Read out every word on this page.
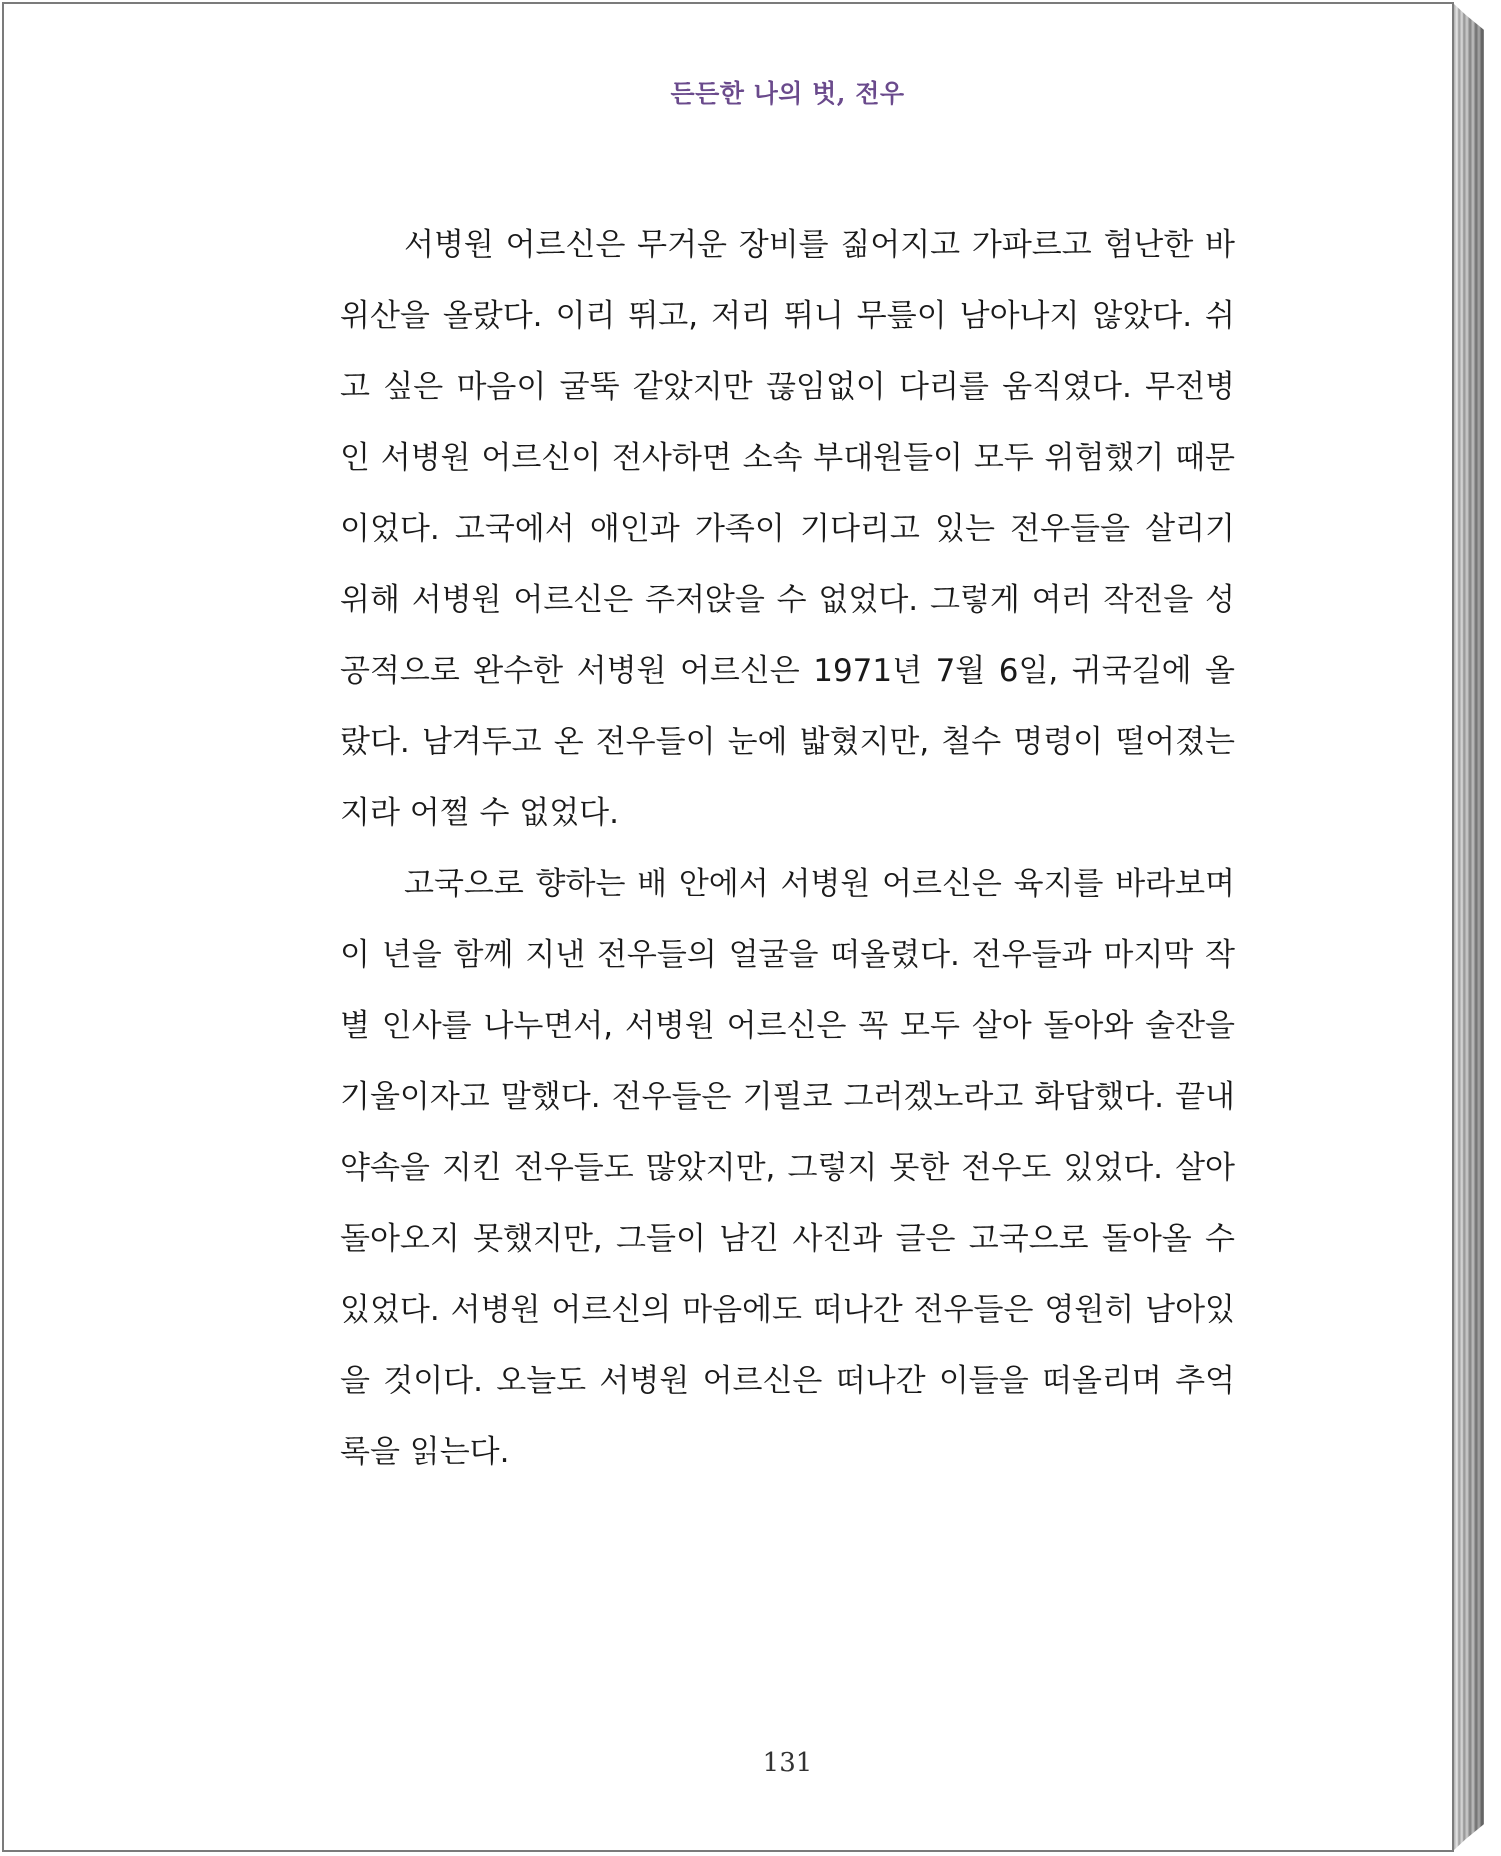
든든한 나의 벗, 전우

서병원 어르신은 무거운 장비를 짊어지고 가파르고 험난한 바위산을 올랐다. 이리 뛰고, 저리 뛰니 무릎이 남아나지 않았다. 쉬고 싶은 마음이 굴뚝 같았지만 끊임없이 다리를 움직였다. 무전병인 서병원 어르신이 전사하면 소속 부대원들이 모두 위험했기 때문이었다. 고국에서 애인과 가족이 기다리고 있는 전우들을 살리기 위해 서병원 어르신은 주저앉을 수 없었다. 그렇게 여러 작전을 성공적으로 완수한 서병원 어르신은 1971년 7월 6일, 귀국길에 올랐다. 남겨두고 온 전우들이 눈에 밟혔지만, 철수 명령이 떨어졌는지라 어쩔 수 없었다.

고국으로 향하는 배 안에서 서병원 어르신은 육지를 바라보며 이 년을 함께 지낸 전우들의 얼굴을 떠올렸다. 전우들과 마지막 작별 인사를 나누면서, 서병원 어르신은 꼭 모두 살아 돌아와 술잔을 기울이자고 말했다. 전우들은 기필코 그러겠노라고 화답했다. 끝내 약속을 지킨 전우들도 많았지만, 그렇지 못한 전우도 있었다. 살아 돌아오지 못했지만, 그들이 남긴 사진과 글은 고국으로 돌아올 수 있었다. 서병원 어르신의 마음에도 떠나간 전우들은 영원히 남아있 을 것이다. 오늘도 서병원 어르신은 떠나간 이들을 떠올리며 추억록을 읽는다.

131
